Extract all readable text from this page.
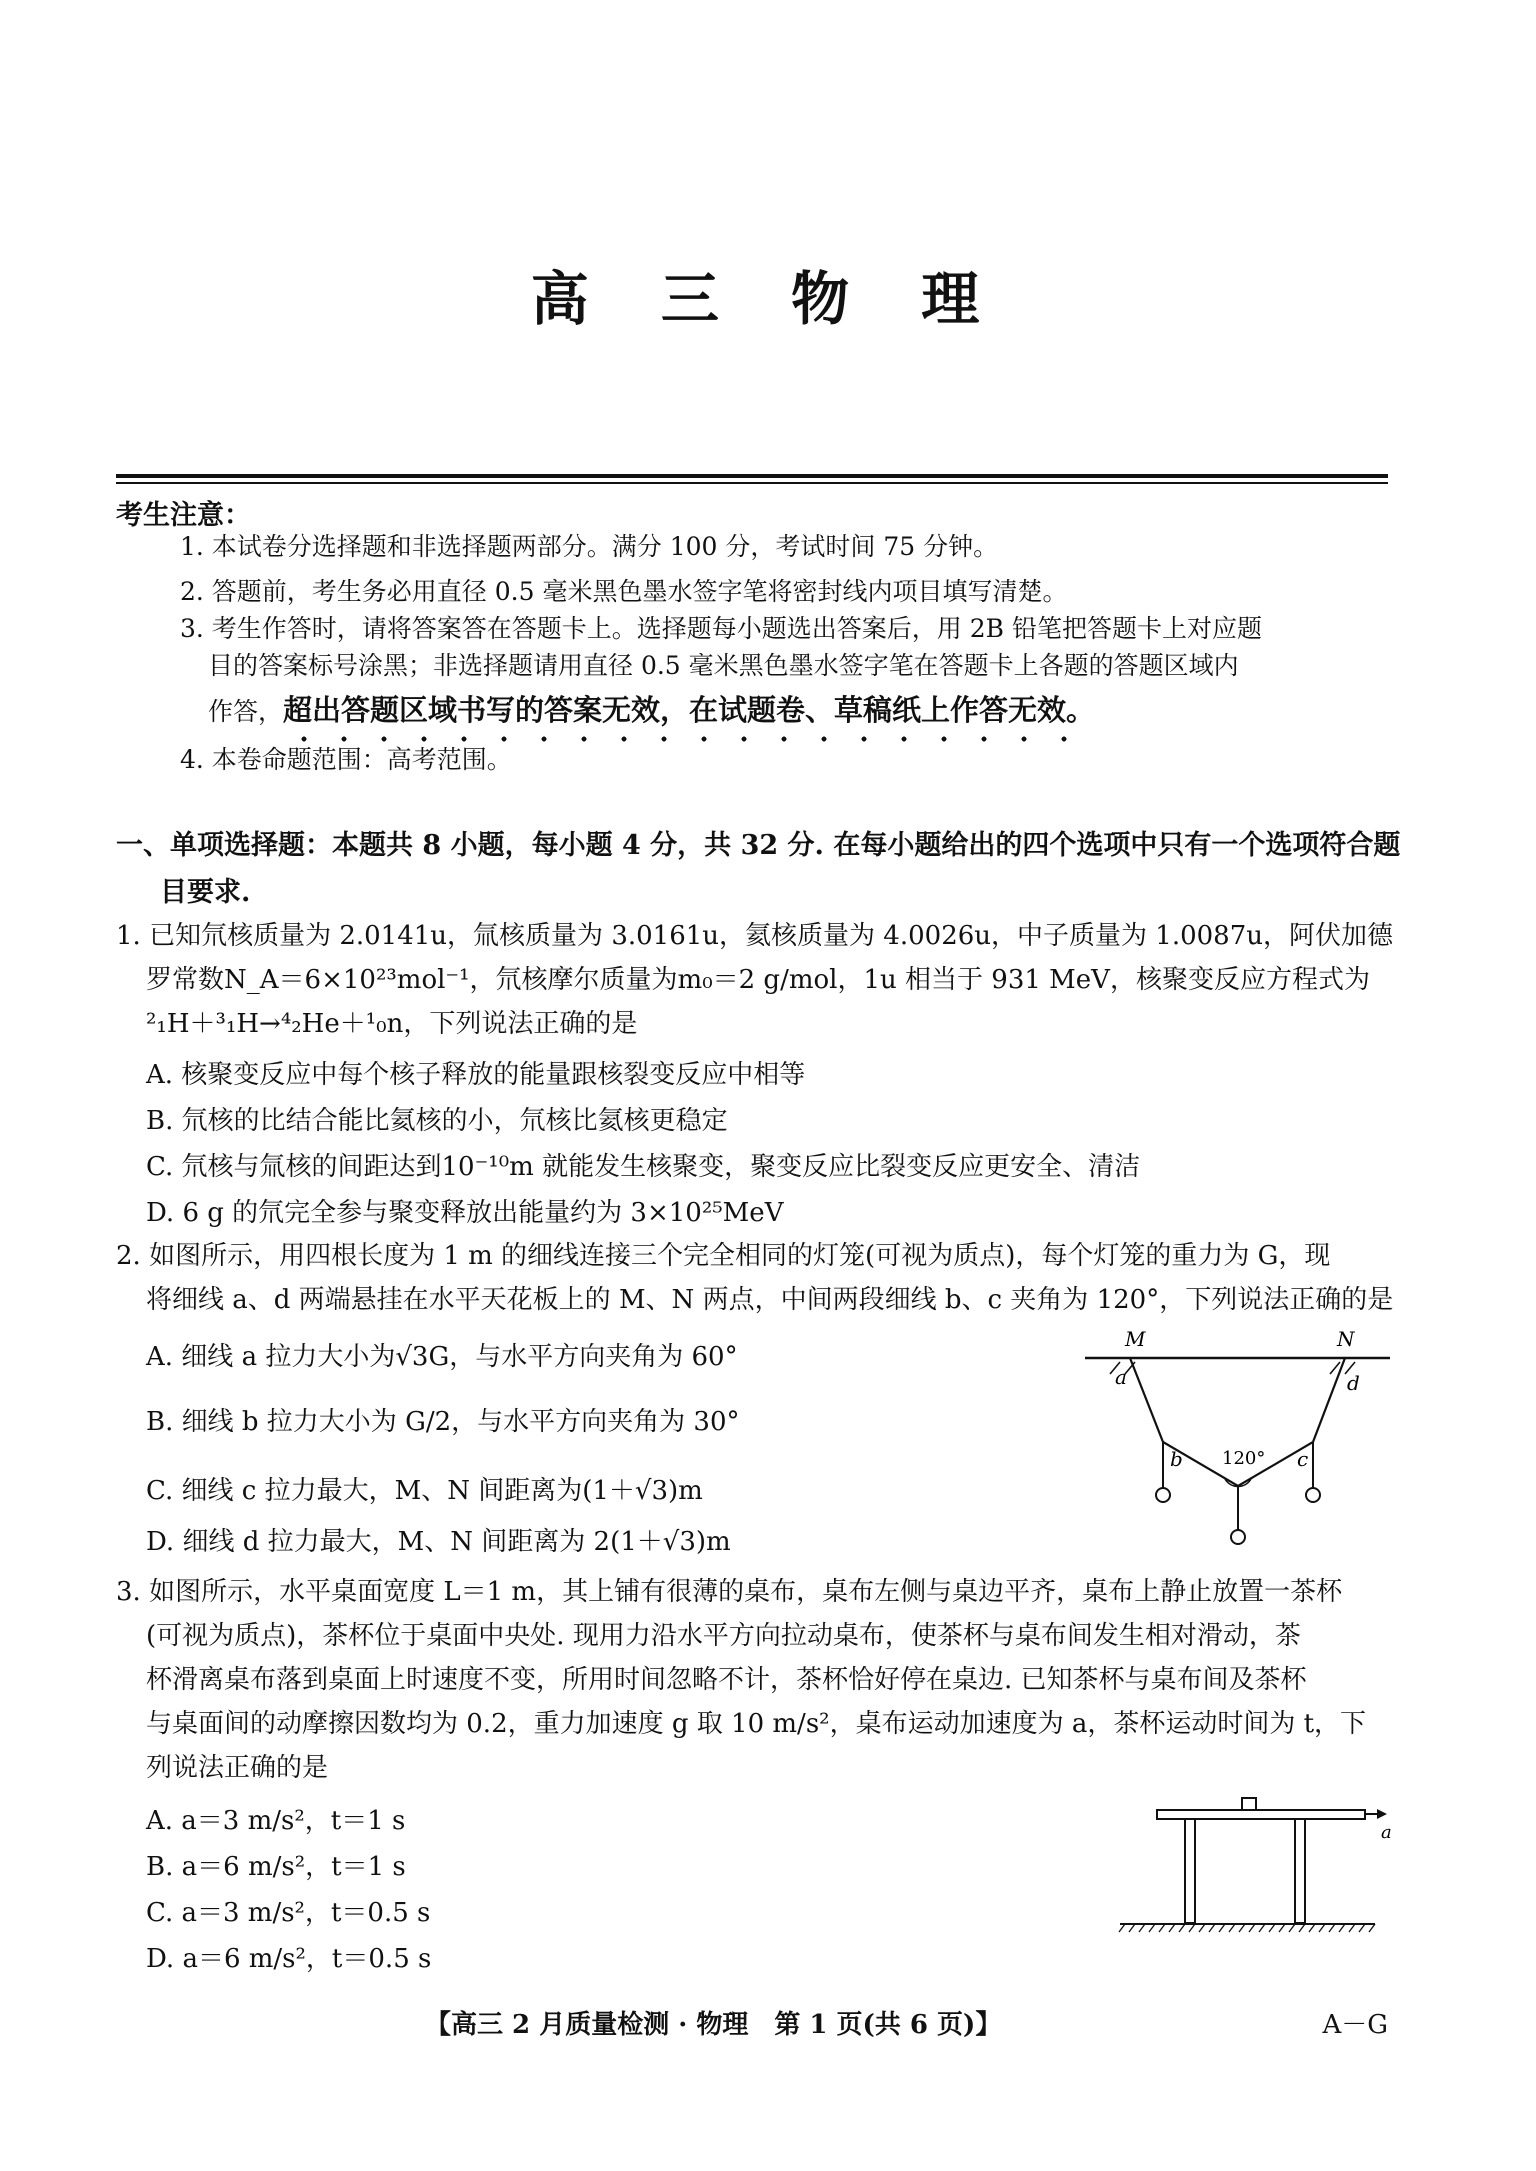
高 三 物 理
考生注意：
1. 本试卷分选择题和非选择题两部分。满分 100 分，考试时间 75 分钟。
2. 答题前，考生务必用直径 0.5 毫米黑色墨水签字笔将密封线内项目填写清楚。
3. 考生作答时，请将答案答在答题卡上。选择题每小题选出答案后，用 2B 铅笔把答题卡上对应题
目的答案标号涂黑；非选择题请用直径 0.5 毫米黑色墨水签字笔在答题卡上各题的答题区域内
作答，超出答题区域书写的答案无效，在试题卷、草稿纸上作答无效。
4. 本卷命题范围：高考范围。
一、单项选择题：本题共 8 小题，每小题 4 分，共 32 分. 在每小题给出的四个选项中只有一个选项符合题
目要求.
1. 已知氘核质量为 2.0141u，氚核质量为 3.0161u，氦核质量为 4.0026u，中子质量为 1.0087u，阿伏加德
罗常数N_A＝6×10²³mol⁻¹，氘核摩尔质量为m₀＝2 g/mol，1u 相当于 931 MeV，核聚变反应方程式为
²₁H＋³₁H→⁴₂He＋¹₀n，下列说法正确的是
A. 核聚变反应中每个核子释放的能量跟核裂变反应中相等
B. 氘核的比结合能比氦核的小，氘核比氦核更稳定
C. 氘核与氚核的间距达到10⁻¹⁰m 就能发生核聚变，聚变反应比裂变反应更安全、清洁
D. 6 g 的氘完全参与聚变释放出能量约为 3×10²⁵MeV
2. 如图所示，用四根长度为 1 m 的细线连接三个完全相同的灯笼(可视为质点)，每个灯笼的重力为 G，现
将细线 a、d 两端悬挂在水平天花板上的 M、N 两点，中间两段细线 b、c 夹角为 120°，下列说法正确的是
A. 细线 a 拉力大小为√3G，与水平方向夹角为 60°
B. 细线 b 拉力大小为 G/2，与水平方向夹角为 30°
C. 细线 c 拉力最大，M、N 间距离为(1＋√3)m
D. 细线 d 拉力最大，M、N 间距离为 2(1＋√3)m
M	N
a	d
b	c
120°
3. 如图所示，水平桌面宽度 L＝1 m，其上铺有很薄的桌布，桌布左侧与桌边平齐，桌布上静止放置一茶杯
(可视为质点)，茶杯位于桌面中央处. 现用力沿水平方向拉动桌布，使茶杯与桌布间发生相对滑动，茶
杯滑离桌布落到桌面上时速度不变，所用时间忽略不计，茶杯恰好停在桌边. 已知茶杯与桌布间及茶杯
与桌面间的动摩擦因数均为 0.2，重力加速度 g 取 10 m/s²，桌布运动加速度为 a，茶杯运动时间为 t，下
列说法正确的是
A. a＝3 m/s²，t＝1 s
B. a＝6 m/s²，t＝1 s
C. a＝3 m/s²，t＝0.5 s
D. a＝6 m/s²，t＝0.5 s
a
【高三 2 月质量检测 · 物理　第 1 页(共 6 页)】	A－G
